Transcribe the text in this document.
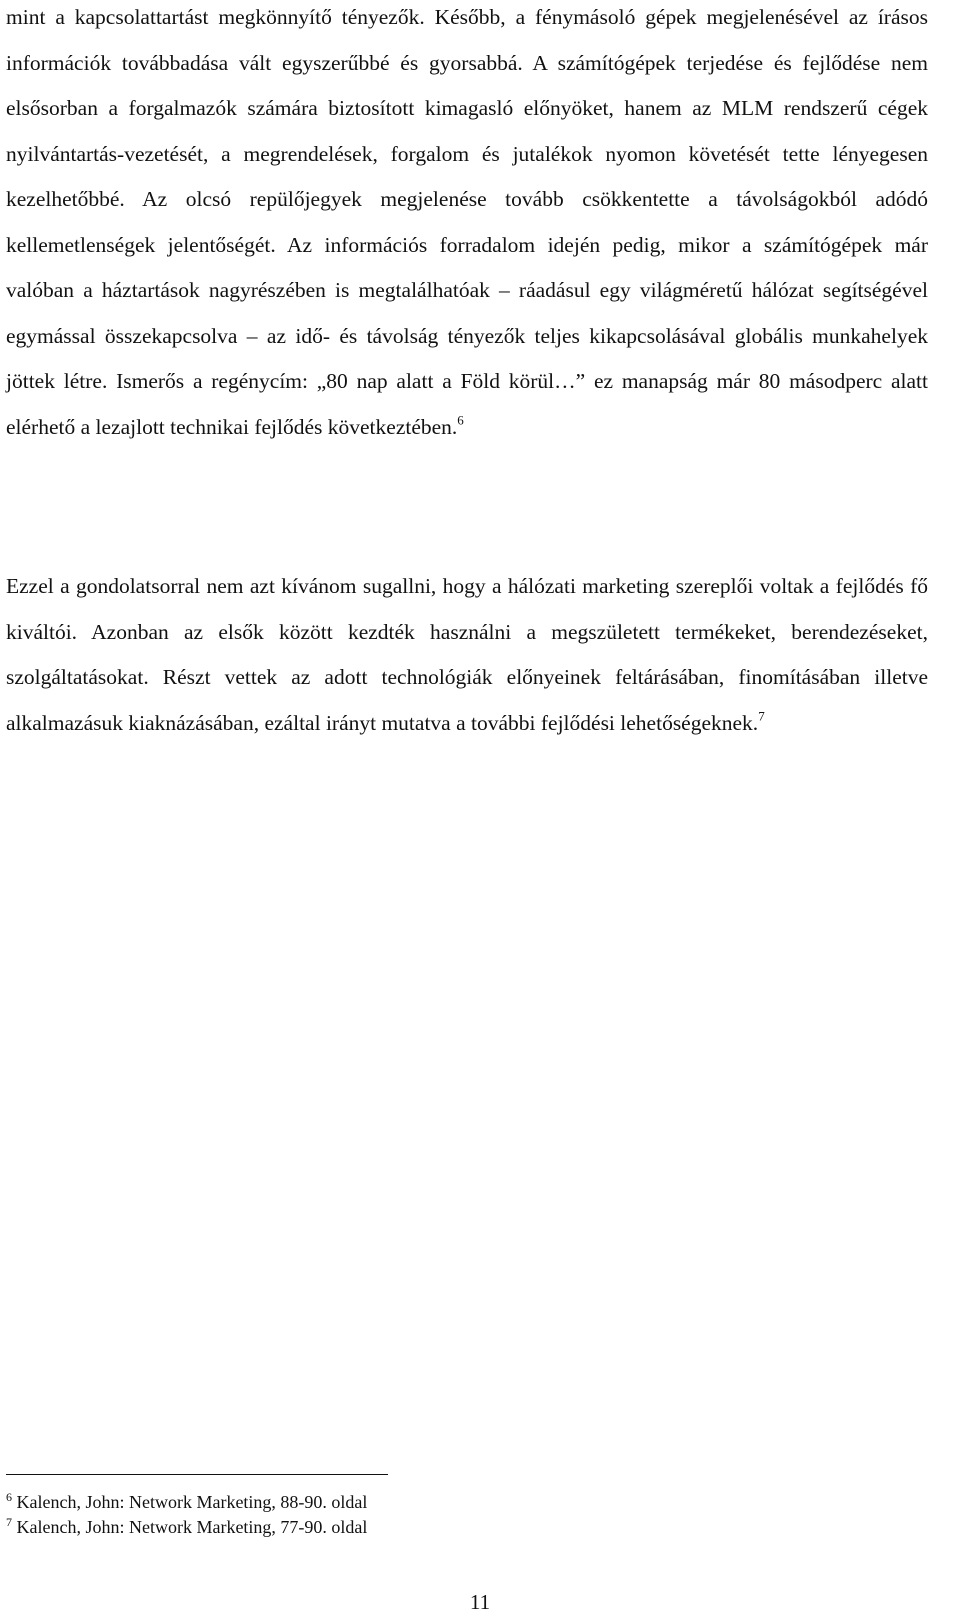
mint a kapcsolattartást megkönnyítő tényezők. Később, a fénymásoló gépek megjelenésével az írásos információk továbbadása vált egyszerűbbé és gyorsabbá. A számítógépek terjedése és fejlődése nem elsősorban a forgalmazók számára biztosított kimagasló előnyöket, hanem az MLM rendszerű cégek nyilvántartás-vezetését, a megrendelések, forgalom és jutalékok nyomon követését tette lényegesen kezelhetőbbé. Az olcsó repülőjegyek megjelenése tovább csökkentette a távolságokból adódó kellemetlenségek jelentőségét. Az információs forradalom idején pedig, mikor a számítógépek már valóban a háztartások nagyrészében is megtalálhatóak – ráadásul egy világméretű hálózat segítségével egymással összekapcsolva – az idő- és távolság tényezők teljes kikapcsolásával globális munkahelyek jöttek létre. Ismerős a regénycím: „80 nap alatt a Föld körül…” ez manapság már 80 másodperc alatt elérhető a lezajlott technikai fejlődés következtében.$^6$

Ezzel a gondolatsorral nem azt kívánom sugallni, hogy a hálózati marketing szereplői voltak a fejlődés fő kiváltói. Azonban az elsők között kezdték használni a megszületett termékeket, berendezéseket, szolgáltatásokat. Részt vettek az adott technológiák előnyeinek feltárásában, finomításában illetve alkalmazásuk kiaknázásában, ezáltal irányt mutatva a további fejlődési lehetőségeknek.$^7$

$^6$ Kalench, John: Network Marketing, 88-90. oldal

$^7$ Kalench, John: Network Marketing, 77-90. oldal

11
